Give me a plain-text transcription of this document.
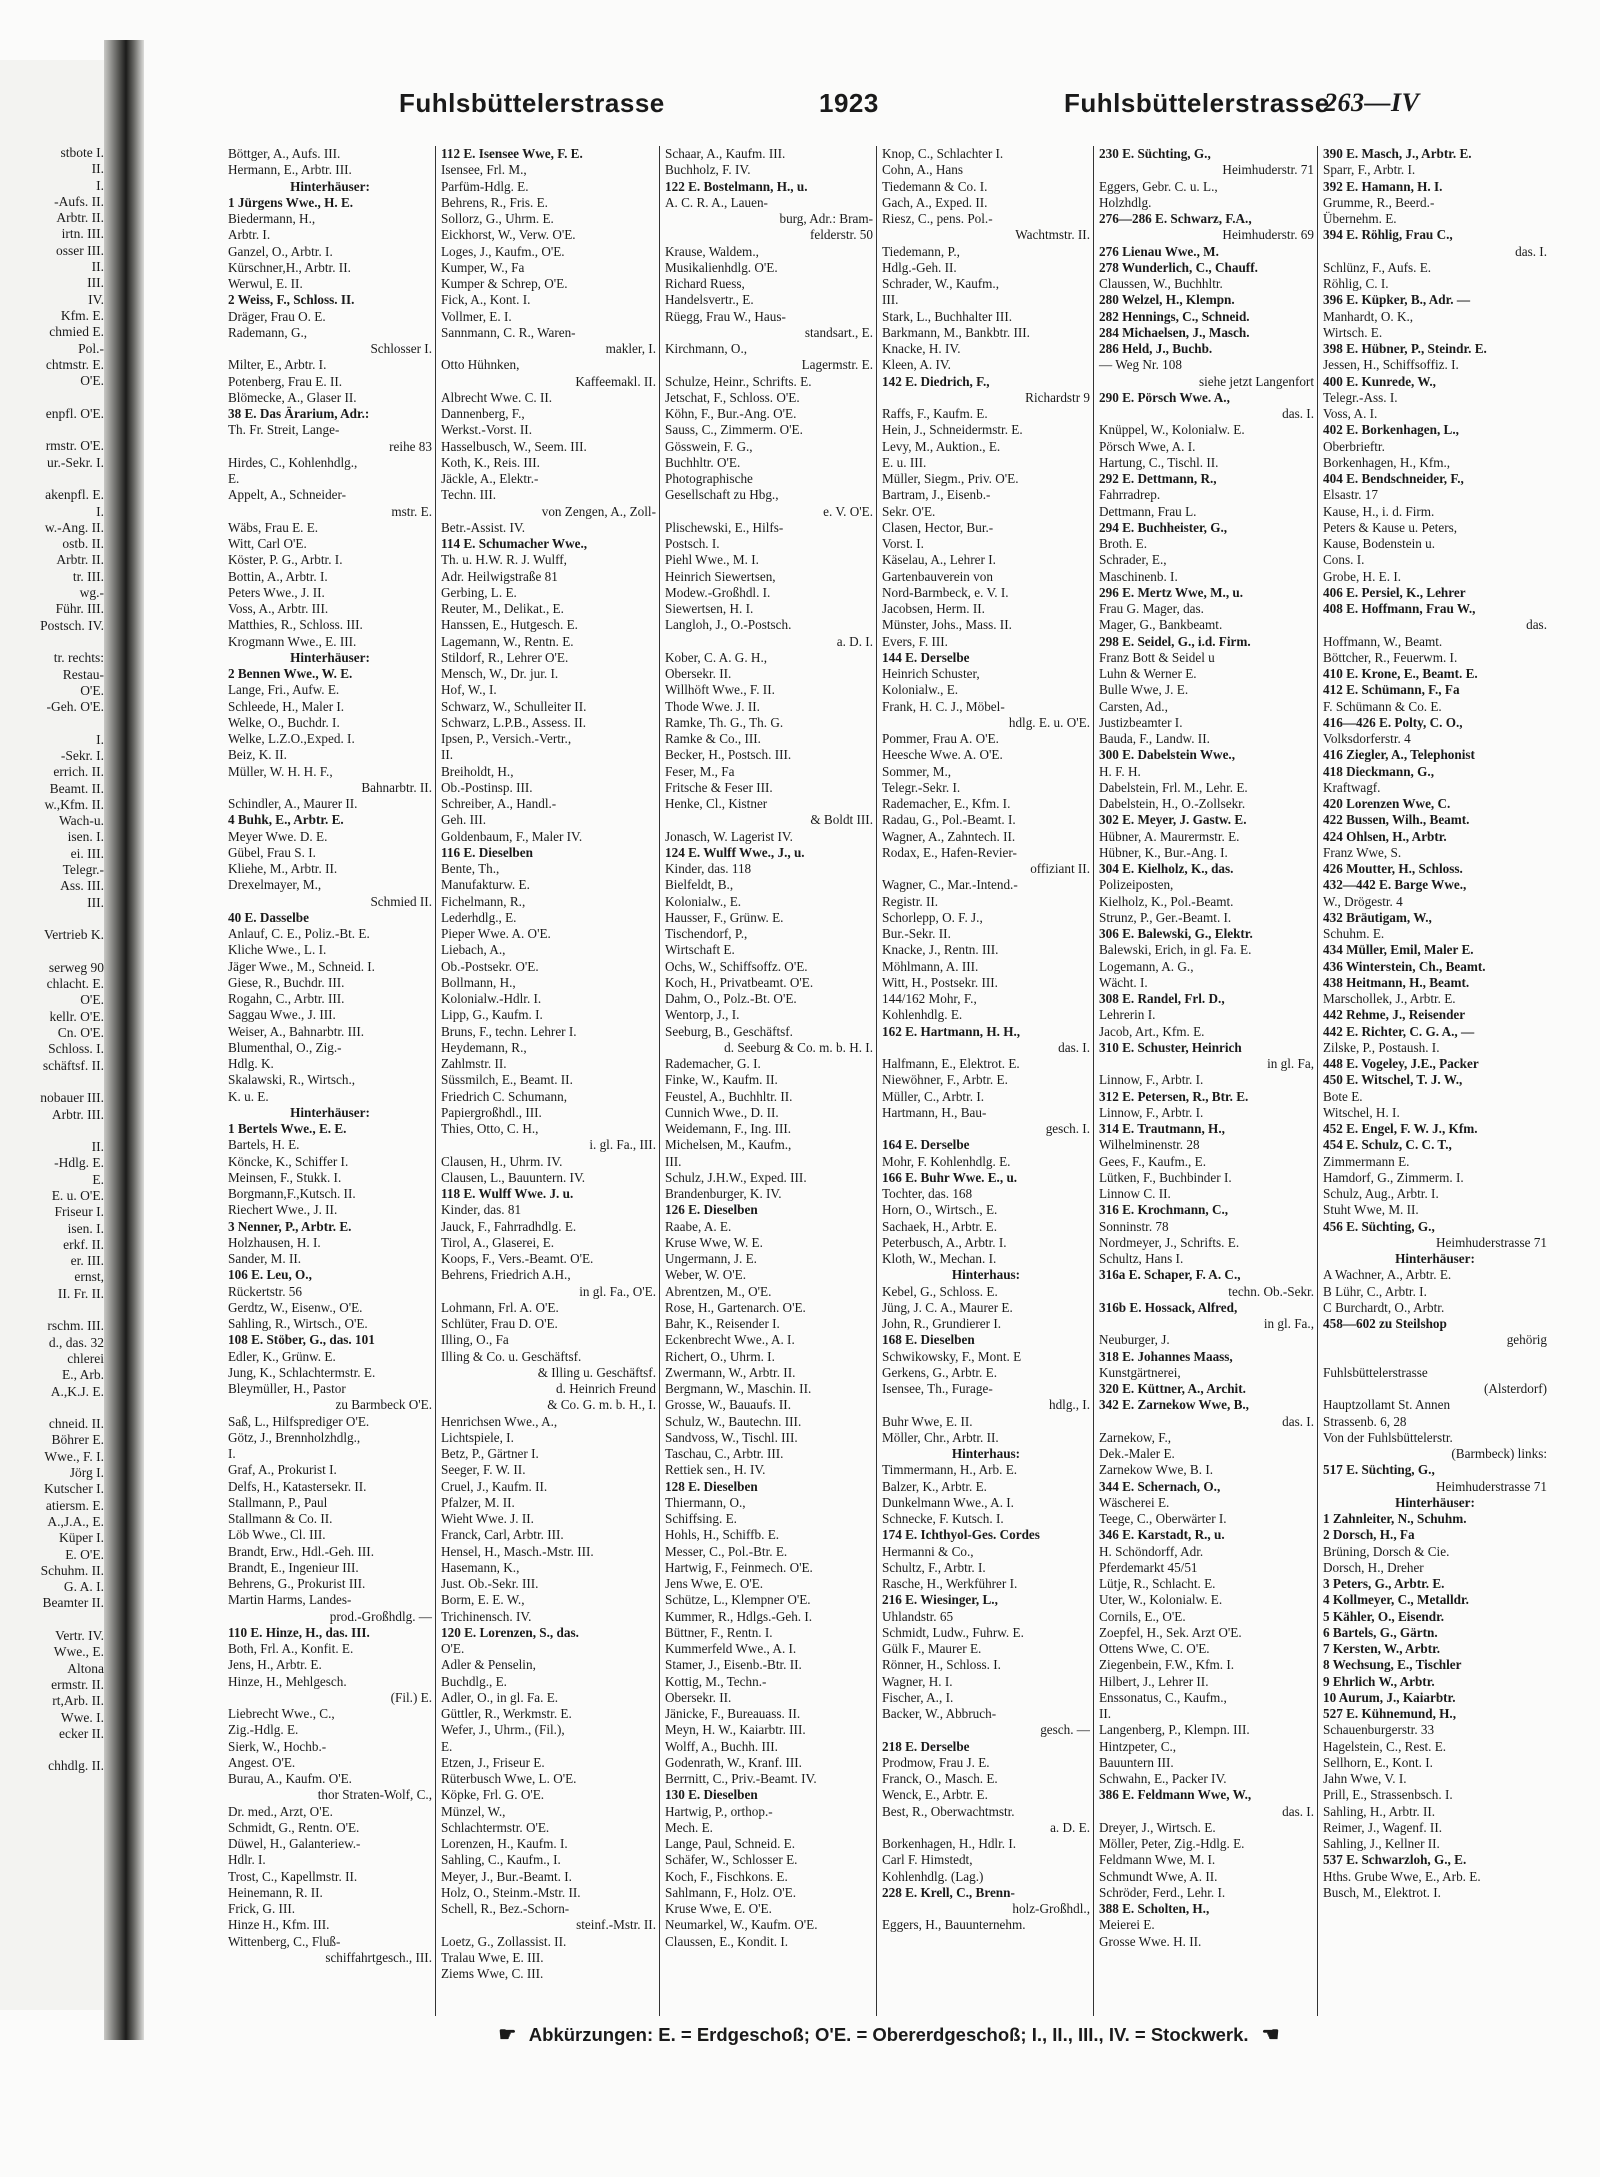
stbote I.
II.
I.
-Aufs. II.
Arbtr. II.
irtn. III.
osser III.
II.
III.
IV.
Kfm. E.
chmied E.
Pol.-
chtmstr. E.
O'E.
enpfl. O'E.
rmstr. O'E.
ur.-Sekr. I.
akenpfl. E.
I.
w.-Ang. II.
ostb. II.
Arbtr. II.
tr. III.
wg.-
Führ. III.
Postsch. IV.
tr. rechts:
Restau-
O'E.
-Geh. O'E.
I.
-Sekr. I.
errich. II.
Beamt. II.
w.,Kfm. II.
Wach-u.
isen. I.
ei. III.
Telegr.-
Ass. III.
III.
Vertrieb K.
serweg 90
chlacht. E.
O'E.
kellr. O'E.
Cn. O'E.
Schloss. I.
schäftsf. II.
nobauer III.
Arbtr. III.
II.
-Hdlg. E.
E.
E. u. O'E.
Friseur I.
isen. I.
erkf. II.
er. III.
ernst,
II. Fr. II.
rschm. III.
d., das. 32
chlerei
E., Arb.
A.,K.J. E.
chneid. II.
Böhrer E.
Wwe., F. I.
Jörg I.
Kutscher I.
atiersm. E.
A.,J.A., E.
Küper I.
E. O'E.
Schuhm. II.
G. A. I.
Beamter II.
Vertr. IV.
Wwe., E.
Altona
ermstr. II.
rt,Arb. II.
Wwe. I.
ecker II.
chhdlg. II.
Fuhlsbüttelerstrasse	1923	Fuhlsbüttelerstrasse
263—IV
Böttger, A., Aufs. III.
Hermann, E., Arbtr. III.
Hinterhäuser:
1 Jürgens Wwe., H. E.
Biedermann, H.,
Arbtr. I.
Ganzel, O., Arbtr. I.
Kürschner,H., Arbtr. II.
Werwul, E. II.
2 Weiss, F., Schloss. II.
Dräger, Frau O. E.
Rademann, G.,
Schlosser I.
Milter, E., Arbtr. I.
Potenberg, Frau E. II.
Blömecke, A., Glaser II.
38 E. Das Ärarium, Adr.:
Th. Fr. Streit, Lange-
reihe 83
Hirdes, C., Kohlenhdlg.,
E.
Appelt, A., Schneider-
mstr. E.
Wäbs, Frau E. E.
Witt, Carl O'E.
Köster, P. G., Arbtr. I.
Bottin, A., Arbtr. I.
Peters Wwe., J. II.
Voss, A., Arbtr. III.
Matthies, R., Schloss. III.
Krogmann Wwe., E. III.
Hinterhäuser:
2 Bennen Wwe., W. E.
Lange, Fri., Aufw. E.
Schleede, H., Maler I.
Welke, O., Buchdr. I.
Welke, L.Z.O.,Exped. I.
Beiz, K. II.
Müller, W. H. H. F.,
Bahnarbtr. II.
Schindler, A., Maurer II.
4 Buhk, E., Arbtr. E.
Meyer Wwe. D. E.
Gübel, Frau S. I.
Kliehe, M., Arbtr. II.
Drexelmayer, M.,
Schmied II.
40 E. Dasselbe
Anlauf, C. E., Poliz.-Bt. E.
Kliche Wwe., L. I.
Jäger Wwe., M., Schneid. I.
Giese, R., Buchdr. III.
Rogahn, C., Arbtr. III.
Saggau Wwe., J. III.
Weiser, A., Bahnarbtr. III.
Blumenthal, O., Zig.-
Hdlg. K.
Skalawski, R., Wirtsch.,
K. u. E.
Hinterhäuser:
1 Bertels Wwe., E. E.
Bartels, H. E.
Köncke, K., Schiffer I.
Meinsen, F., Stukk. I.
Borgmann,F.,Kutsch. II.
Riechert Wwe., J. II.
3 Nenner, P., Arbtr. E.
Holzhausen, H. I.
Sander, M. II.
106 E. Leu, O.,
Rückertstr. 56
Gerdtz, W., Eisenw., O'E.
Sahling, R., Wirtsch., O'E.
108 E. Stöber, G., das. 101
Edler, K., Grünw. E.
Jung, K., Schlachtermstr. E.
Bleymüller, H., Pastor
zu Barmbeck O'E.
Saß, L., Hilfsprediger O'E.
Götz, J., Brennholzhdlg.,
I.
Graf, A., Prokurist I.
Delfs, H., Katastersekr. II.
Stallmann, P., Paul
Stallmann & Co. II.
Löb Wwe., Cl. III.
Brandt, Erw., Hdl.-Geh. III.
Brandt, E., Ingenieur III.
Behrens, G., Prokurist III.
Martin Harms, Landes-
prod.-Großhdlg. —
110 E. Hinze, H., das. III.
Both, Frl. A., Konfit. E.
Jens, H., Arbtr. E.
Hinze, H., Mehlgesch.
(Fil.) E.
Liebrecht Wwe., C.,
Zig.-Hdlg. E.
Sierk, W., Hochb.-
Angest. O'E.
Burau, A., Kaufm. O'E.
thor Straten-Wolf, C.,
Dr. med., Arzt, O'E.
Schmidt, G., Rentn. O'E.
Düwel, H., Galanteriew.-
Hdlr. I.
Trost, C., Kapellmstr. II.
Heinemann, R. II.
Frick, G. III.
Hinze H., Kfm. III.
Wittenberg, C., Fluß-
schiffahrtgesch., III.
112 E. Isensee Wwe, F. E.
Isensee, Frl. M.,
Parfüm-Hdlg. E.
Behrens, R., Fris. E.
Sollorz, G., Uhrm. E.
Eickhorst, W., Verw. O'E.
Loges, J., Kaufm., O'E.
Kumper, W., Fa
Kumper & Schrep, O'E.
Fick, A., Kont. I.
Vollmer, E. I.
Sannmann, C. R., Waren-
makler, I.
Otto Hühnken,
Kaffeemakl. II.
Albrecht Wwe. C. II.
Dannenberg, F.,
Werkst.-Vorst. II.
Hasselbusch, W., Seem. III.
Koth, K., Reis. III.
Jäckle, A., Elektr.-
Techn. III.
von Zengen, A., Zoll-
Betr.-Assist. IV.
114 E. Schumacher Wwe.,
Th. u. H.W. R. J. Wulff,
Adr. Heilwigstraße 81
Gerbing, L. E.
Reuter, M., Delikat., E.
Hanssen, E., Hutgesch. E.
Lagemann, W., Rentn. E.
Stildorf, R., Lehrer O'E.
Mensch, W., Dr. jur. I.
Hof, W., I.
Schwarz, W., Schulleiter II.
Schwarz, L.P.B., Assess. II.
Ipsen, P., Versich.-Vertr.,
II.
Breiholdt, H.,
Ob.-Postinsp. III.
Schreiber, A., Handl.-
Geh. III.
Goldenbaum, F., Maler IV.
116 E. Dieselben
Bente, Th.,
Manufakturw. E.
Fichelmann, R.,
Lederhdlg., E.
Pieper Wwe. A. O'E.
Liebach, A.,
Ob.-Postsekr. O'E.
Bollmann, H.,
Kolonialw.-Hdlr. I.
Lipp, G., Kaufm. I.
Bruns, F., techn. Lehrer I.
Heydemann, R.,
Zahlmstr. II.
Süssmilch, E., Beamt. II.
Friedrich C. Schumann,
Papiergroßhdl., III.
Thies, Otto, C. H.,
i. gl. Fa., III.
Clausen, H., Uhrm. IV.
Clausen, L., Bauuntern. IV.
118 E. Wulff Wwe. J. u.
Kinder, das. 81
Jauck, F., Fahrradhdlg. E.
Tirol, A., Glaserei, E.
Koops, F., Vers.-Beamt. O'E.
Behrens, Friedrich A.H.,
in gl. Fa., O'E.
Lohmann, Frl. A. O'E.
Schlüter, Frau D. O'E.
Illing, O., Fa
Illing & Co. u. Geschäftsf.
& Illing u. Geschäftsf.
d. Heinrich Freund
& Co. G. m. b. H., I.
Henrichsen Wwe., A.,
Lichtspiele, I.
Betz, P., Gärtner I.
Seeger, F. W. II.
Cruel, J., Kaufm. II.
Pfalzer, M. II.
Wieht Wwe. J. II.
Franck, Carl, Arbtr. III.
Hensel, H., Masch.-Mstr. III.
Hasemann, K.,
Just. Ob.-Sekr. III.
Borm, E. E. W.,
Trichinensch. IV.
120 E. Lorenzen, S., das.
O'E.
Adler & Penselin,
Buchdlg., E.
Adler, O., in gl. Fa. E.
Güttler, R., Werkmstr. E.
Wefer, J., Uhrm., (Fil.),
E.
Etzen, J., Friseur E.
Rüterbusch Wwe, L. O'E.
Köpke, Frl. G. O'E.
Münzel, W.,
Schlachtermstr. O'E.
Lorenzen, H., Kaufm. I.
Sahling, C., Kaufm., I.
Meyer, J., Bur.-Beamt. I.
Holz, O., Steinm.-Mstr. II.
Schell, R., Bez.-Schorn-
steinf.-Mstr. II.
Loetz, G., Zollassist. II.
Tralau Wwe, E. III.
Ziems Wwe, C. III.
Schaar, A., Kaufm. III.
Buchholz, F. IV.
122 E. Bostelmann, H., u.
A. C. R. A., Lauen-
burg, Adr.: Bram-
felderstr. 50
Krause, Waldem.,
Musikalienhdlg. O'E.
Richard Ruess,
Handelsvertr., E.
Rüegg, Frau W., Haus-
standsart., E.
Kirchmann, O.,
Lagermstr. E.
Schulze, Heinr., Schrifts. E.
Jetschat, F., Schloss. O'E.
Köhn, F., Bur.-Ang. O'E.
Sauss, C., Zimmerm. O'E.
Gösswein, F. G.,
Buchhltr. O'E.
Photographische
Gesellschaft zu Hbg.,
e. V. O'E.
Plischewski, E., Hilfs-
Postsch. I.
Piehl Wwe., M. I.
Heinrich Siewertsen,
Modew.-Großhdl. I.
Siewertsen, H. I.
Langloh, J., O.-Postsch.
a. D. I.
Kober, C. A. G. H.,
Obersekr. II.
Willhöft Wwe., F. II.
Thode Wwe. J. II.
Ramke, Th. G., Th. G.
Ramke & Co., III.
Becker, H., Postsch. III.
Feser, M., Fa
Fritsche & Feser III.
Henke, Cl., Kistner
& Boldt III.
Jonasch, W. Lagerist IV.
124 E. Wulff Wwe., J., u.
Kinder, das. 118
Bielfeldt, B.,
Kolonialw., E.
Hausser, F., Grünw. E.
Tischendorf, P.,
Wirtschaft E.
Ochs, W., Schiffsoffz. O'E.
Koch, H., Privatbeamt. O'E.
Dahm, O., Polz.-Bt. O'E.
Wentorp, J., I.
Seeburg, B., Geschäftsf.
d. Seeburg & Co. m. b. H. I.
Rademacher, G. I.
Finke, W., Kaufm. II.
Feustel, A., Buchhltr. II.
Cunnich Wwe., D. II.
Weidemann, F., Ing. III.
Michelsen, M., Kaufm.,
III.
Schulz, J.H.W., Exped. III.
Brandenburger, K. IV.
126 E. Dieselben
Raabe, A. E.
Kruse Wwe, W. E.
Ungermann, J. E.
Weber, W. O'E.
Abrentzen, M., O'E.
Rose, H., Gartenarch. O'E.
Bahr, K., Reisender I.
Eckenbrecht Wwe., A. I.
Richert, O., Uhrm. I.
Zwermann, W., Arbtr. II.
Bergmann, W., Maschin. II.
Grosse, W., Bauaufs. II.
Schulz, W., Bautechn. III.
Sandvoss, W., Tischl. III.
Taschau, C., Arbtr. III.
Rettiek sen., H. IV.
128 E. Dieselben
Thiermann, O.,
Schiffsing. E.
Hohls, H., Schiffb. E.
Messer, C., Pol.-Btr. E.
Hartwig, F., Feinmech. O'E.
Jens Wwe, E. O'E.
Schütze, L., Klempner O'E.
Kummer, R., Hdlgs.-Geh. I.
Büttner, F., Rentn. I.
Kummerfeld Wwe., A. I.
Stamer, J., Eisenb.-Btr. II.
Kottig, M., Techn.-
Obersekr. II.
Jänicke, F., Bureauass. II.
Meyn, H. W., Kaiarbtr. III.
Wolff, A., Buchh. III.
Godenrath, W., Kranf. III.
Berrnitt, C., Priv.-Beamt. IV.
130 E. Dieselben
Hartwig, P., orthop.-
Mech. E.
Lange, Paul, Schneid. E.
Schäfer, W., Schlosser E.
Koch, F., Fischkons. E.
Sahlmann, F., Holz. O'E.
Kruse Wwe, E. O'E.
Neumarkel, W., Kaufm. O'E.
Claussen, E., Kondit. I.
Knop, C., Schlachter I.
Cohn, A., Hans
Tiedemann & Co. I.
Gach, A., Exped. II.
Riesz, C., pens. Pol.-
Wachtmstr. II.
Tiedemann, P.,
Hdlg.-Geh. II.
Schrader, W., Kaufm.,
III.
Stark, L., Buchhalter III.
Barkmann, M., Bankbtr. III.
Knacke, H. IV.
Kleen, A. IV.
142 E. Diedrich, F.,
Richardstr 9
Raffs, F., Kaufm. E.
Hein, J., Schneidermstr. E.
Levy, M., Auktion., E.
E. u. III.
Müller, Siegm., Priv. O'E.
Bartram, J., Eisenb.-
Sekr. O'E.
Clasen, Hector, Bur.-
Vorst. I.
Käselau, A., Lehrer I.
Gartenbauverein von
Nord-Barmbeck, e. V. I.
Jacobsen, Herm. II.
Münster, Johs., Mass. II.
Evers, F. III.
144 E. Derselbe
Heinrich Schuster,
Kolonialw., E.
Frank, H. C. J., Möbel-
hdlg. E. u. O'E.
Pommer, Frau A. O'E.
Heesche Wwe. A. O'E.
Sommer, M.,
Telegr.-Sekr. I.
Rademacher, E., Kfm. I.
Radau, G., Pol.-Beamt. I.
Wagner, A., Zahntech. II.
Rodax, E., Hafen-Revier-
offiziant II.
Wagner, C., Mar.-Intend.-
Registr. II.
Schorlepp, O. F. J.,
Bur.-Sekr. II.
Knacke, J., Rentn. III.
Möhlmann, A. III.
Witt, H., Postsekr. III.
144/162 Mohr, F.,
Kohlenhdlg. E.
162 E. Hartmann, H. H.,
das. I.
Halfmann, E., Elektrot. E.
Niewöhner, F., Arbtr. E.
Müller, C., Arbtr. I.
Hartmann, H., Bau-
gesch. I.
164 E. Derselbe
Mohr, F. Kohlenhdlg. E.
166 E. Buhr Wwe. E., u.
Tochter, das. 168
Horn, O., Wirtsch., E.
Sachaek, H., Arbtr. E.
Peterbusch, A., Arbtr. I.
Kloth, W., Mechan. I.
Hinterhaus:
Kebel, G., Schloss. E.
Jüng, J. C. A., Maurer E.
John, R., Grundierer I.
168 E. Dieselben
Schwikowsky, F., Mont. E
Gerkens, G., Arbtr. E.
Isensee, Th., Furage-
hdlg., I.
Buhr Wwe, E. II.
Möller, Chr., Arbtr. II.
Hinterhaus:
Timmermann, H., Arb. E.
Balzer, K., Arbtr. E.
Dunkelmann Wwe., A. I.
Schnecke, F. Kutsch. I.
174 E. Ichthyol-Ges. Cordes
Hermanni & Co.,
Schultz, F., Arbtr. I.
Rasche, H., Werkführer I.
216 E. Wiesinger, L.,
Uhlandstr. 65
Schmidt, Ludw., Fuhrw. E.
Gülk F., Maurer E.
Rönner, H., Schloss. I.
Wagner, H. I.
Fischer, A., I.
Backer, W., Abbruch-
gesch. —
218 E. Derselbe
Prodmow, Frau J. E.
Franck, O., Masch. E.
Wenck, E., Arbtr. E.
Best, R., Oberwachtmstr.
a. D. E.
Borkenhagen, H., Hdlr. I.
Carl F. Himstedt,
Kohlenhdlg. (Lag.)
228 E. Krell, C., Brenn-
holz-Großhdl.,
Eggers, H., Bauunternehm.
230 E. Süchting, G.,
Heimhuderstr. 71
Eggers, Gebr. C. u. L.,
Holzhdlg.
276—286 E. Schwarz, F.A.,
Heimhuderstr. 69
276 Lienau Wwe., M.
278 Wunderlich, C., Chauff.
Claussen, W., Buchhltr.
280 Welzel, H., Klempn.
282 Hennings, C., Schneid.
284 Michaelsen, J., Masch.
286 Held, J., Buchb.
— Weg Nr. 108
siehe jetzt Langenfort
290 E. Pörsch Wwe. A.,
das. I.
Knüppel, W., Kolonialw. E.
Pörsch Wwe, A. I.
Hartung, C., Tischl. II.
292 E. Dettmann, R.,
Fahrradrep.
Dettmann, Frau L.
294 E. Buchheister, G.,
Broth. E.
Schrader, E.,
Maschinenb. I.
296 E. Mertz Wwe, M., u.
Frau G. Mager, das.
Mager, G., Bankbeamt.
298 E. Seidel, G., i.d. Firm.
Franz Bott & Seidel u
Luhn & Werner E.
Bulle Wwe, J. E.
Carsten, Ad.,
Justizbeamter I.
Bauda, F., Landw. II.
300 E. Dabelstein Wwe.,
H. F. H.
Dabelstein, Frl. M., Lehr. E.
Dabelstein, H., O.-Zollsekr.
302 E. Meyer, J. Gastw. E.
Hübner, A. Maurermstr. E.
Hübner, K., Bur.-Ang. I.
304 E. Kielholz, K., das.
Polizeiposten,
Kielholz, K., Pol.-Beamt.
Strunz, P., Ger.-Beamt. I.
306 E. Balewski, G., Elektr.
Balewski, Erich, in gl. Fa. E.
Logemann, A. G.,
Wächt. I.
308 E. Randel, Frl. D.,
Lehrerin I.
Jacob, Art., Kfm. E.
310 E. Schuster, Heinrich
in gl. Fa,
Linnow, F., Arbtr. I.
312 E. Petersen, R., Btr. E.
Linnow, F., Arbtr. I.
314 E. Trautmann, H.,
Wilhelminenstr. 28
Gees, F., Kaufm., E.
Lütken, F., Buchbinder I.
Linnow C. II.
316 E. Krochmann, C.,
Sonninstr. 78
Nordmeyer, J., Schrifts. E.
Schultz, Hans I.
316a E. Schaper, F. A. C.,
techn. Ob.-Sekr.
316b E. Hossack, Alfred,
in gl. Fa.,
Neuburger, J.
318 E. Johannes Maass,
Kunstgärtnerei,
320 E. Küttner, A., Archit.
342 E. Zarnekow Wwe, B.,
das. I.
Zarnekow, F.,
Dek.-Maler E.
Zarnekow Wwe, B. I.
344 E. Schernach, O.,
Wäscherei E.
Teege, C., Oberwärter I.
346 E. Karstadt, R., u.
H. Schöndorff, Adr.
Pferdemarkt 45/51
Lütje, R., Schlacht. E.
Uter, W., Kolonialw. E.
Cornils, E., O'E.
Zoepfel, H., Sek. Arzt O'E.
Ottens Wwe, C. O'E.
Ziegenbein, F.W., Kfm. I.
Hilbert, J., Lehrer II.
Enssonatus, C., Kaufm.,
II.
Langenberg, P., Klempn. III.
Hintzpeter, C.,
Bauuntern III.
Schwahn, E., Packer IV.
386 E. Feldmann Wwe, W.,
das. I.
Dreyer, J., Wirtsch. E.
Möller, Peter, Zig.-Hdlg. E.
Feldmann Wwe, M. I.
Schmundt Wwe, A. II.
Schröder, Ferd., Lehr. I.
388 E. Scholten, H.,
Meierei E.
Grosse Wwe. H. II.
390 E. Masch, J., Arbtr. E.
Sparr, F., Arbtr. I.
392 E. Hamann, H. I.
Grumme, R., Beerd.-
Übernehm. E.
394 E. Röhlig, Frau C.,
das. I.
Schlünz, F., Aufs. E.
Röhlig, C. I.
396 E. Küpker, B., Adr. —
Manhardt, O. K.,
Wirtsch. E.
398 E. Hübner, P., Steindr. E.
Jessen, H., Schiffsoffiz. I.
400 E. Kunrede, W.,
Telegr.-Ass. I.
Voss, A. I.
402 E. Borkenhagen, L.,
Oberbrieftr.
Borkenhagen, H., Kfm.,
404 E. Bendschneider, F.,
Elsastr. 17
Kause, H., i. d. Firm.
Peters & Kause u. Peters,
Kause, Bodenstein u.
Cons. I.
Grobe, H. E. I.
406 E. Persiel, K., Lehrer
408 E. Hoffmann, Frau W.,
das.
Hoffmann, W., Beamt.
Böttcher, R., Feuerwm. I.
410 E. Krone, E., Beamt. E.
412 E. Schümann, F., Fa
F. Schümann & Co. E.
416—426 E. Polty, C. O.,
Volksdorferstr. 4
416 Ziegler, A., Telephonist
418 Dieckmann, G.,
Kraftwagf.
420 Lorenzen Wwe, C.
422 Bussen, Wilh., Beamt.
424 Ohlsen, H., Arbtr.
Franz Wwe, S.
426 Moutter, H., Schloss.
432—442 E. Barge Wwe.,
W., Drögestr. 4
432 Bräutigam, W.,
Schuhm. E.
434 Müller, Emil, Maler E.
436 Winterstein, Ch., Beamt.
438 Heitmann, H., Beamt.
Marschollek, J., Arbtr. E.
442 Rehme, J., Reisender
442 E. Richter, C. G. A., —
Zilske, P., Postaush. I.
448 E. Vogeley, J.E., Packer
450 E. Witschel, T. J. W.,
Bote E.
Witschel, H. I.
452 E. Engel, F. W. J., Kfm.
454 E. Schulz, C. C. T.,
Zimmermann E.
Hamdorf, G., Zimmerm. I.
Schulz, Aug., Arbtr. I.
Stuht Wwe, M. II.
456 E. Süchting, G.,
Heimhuderstrasse 71
Hinterhäuser:
A Wachner, A., Arbtr. E.
B Lühr, C., Arbtr. I.
C Burchardt, O., Arbtr.
458—602 zu Steilshop
gehörig
Fuhlsbüttelerstrasse
(Alsterdorf)
Hauptzollamt St. Annen
Strassenb. 6, 28
Von der Fuhlsbüttelerstr.
(Barmbeck) links:
517 E. Süchting, G.,
Heimhuderstrasse 71
Hinterhäuser:
1 Zahnleiter, N., Schuhm.
2 Dorsch, H., Fa
Brüning, Dorsch & Cie.
Dorsch, H., Dreher
3 Peters, G., Arbtr. E.
4 Kollmeyer, C., Metalldr.
5 Kähler, O., Eisendr.
6 Bartels, G., Gärtn.
7 Kersten, W., Arbtr.
8 Wechsung, E., Tischler
9 Ehrlich W., Arbtr.
10 Aurum, J., Kaiarbtr.
527 E. Kühnemund, H.,
Schauenburgerstr. 33
Hagelstein, C., Rest. E.
Sellhorn, E., Kont. I.
Jahn Wwe, V. I.
Prill, E., Strassenbsch. I.
Sahling, H., Arbtr. II.
Reimer, J., Wagenf. II.
Sahling, J., Kellner II.
537 E. Schwarzloh, G., E.
Hths. Grube Wwe, E., Arb. E.
Busch, M., Elektrot. I.
☛ Abkürzungen: E. = Erdgeschoß; O'E. = Obererdgeschoß; I., II., III., IV. = Stockwerk. ☚
